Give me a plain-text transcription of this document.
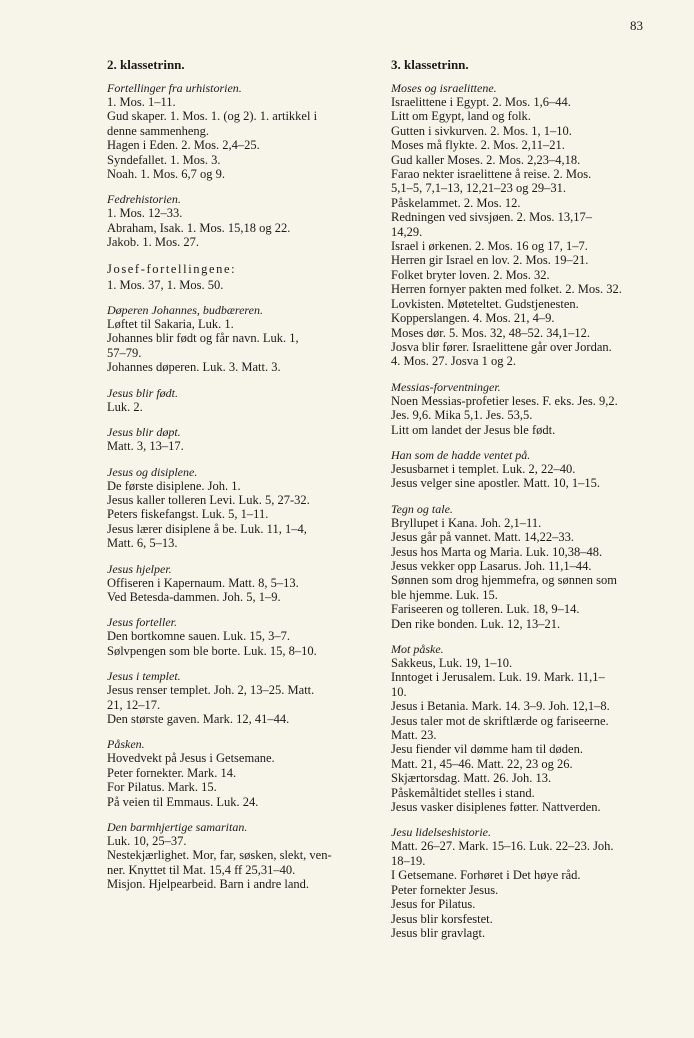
83
2. klassetrinn.
Fortellinger fra urhistorien.
1. Mos. 1–11.
Gud skaper. 1. Mos. 1. (og 2). 1. artikkel i
denne sammenheng.
Hagen i Eden. 2. Mos. 2,4–25.
Syndefallet. 1. Mos. 3.
Noah. 1. Mos. 6,7 og 9.
Fedrehistorien.
1. Mos. 12–33.
Abraham, Isak. 1. Mos. 15,18 og 22.
Jakob. 1. Mos. 27.
Josef-fortellingene:
1. Mos. 37, 1. Mos. 50.
Døperen Johannes, budbæreren.
Løftet til Sakaria, Luk. 1.
Johannes blir født og får navn. Luk. 1,
57–79.
Johannes døperen. Luk. 3. Matt. 3.
Jesus blir født.
Luk. 2.
Jesus blir døpt.
Matt. 3, 13–17.
Jesus og disiplene.
De første disiplene. Joh. 1.
Jesus kaller tolleren Levi. Luk. 5, 27-32.
Peters fiskefangst. Luk. 5, 1–11.
Jesus lærer disiplene å be. Luk. 11, 1–4,
Matt. 6, 5–13.
Jesus hjelper.
Offiseren i Kapernaum. Matt. 8, 5–13.
Ved Betesda-dammen. Joh. 5, 1–9.
Jesus forteller.
Den bortkomne sauen. Luk. 15, 3–7.
Sølvpengen som ble borte. Luk. 15, 8–10.
Jesus i templet.
Jesus renser templet. Joh. 2, 13–25. Matt.
21, 12–17.
Den største gaven. Mark. 12, 41–44.
Påsken.
Hovedvekt på Jesus i Getsemane.
Peter fornekter. Mark. 14.
For Pilatus. Mark. 15.
På veien til Emmaus. Luk. 24.
Den barmhjertige samaritan.
Luk. 10, 25–37.
Nestekjærlighet. Mor, far, søsken, slekt, ven-
ner. Knyttet til Mat. 15,4 ff 25,31–40.
Misjon. Hjelpearbeid. Barn i andre land.
3. klassetrinn.
Moses og israelittene.
Israelittene i Egypt. 2. Mos. 1,6–44.
Litt om Egypt, land og folk.
Gutten i sivkurven. 2. Mos. 1, 1–10.
Moses må flykte. 2. Mos. 2,11–21.
Gud kaller Moses. 2. Mos. 2,23–4,18.
Farao nekter israelittene å reise. 2. Mos.
5,1–5, 7,1–13, 12,21–23 og 29–31.
Påskelammet. 2. Mos. 12.
Redningen ved sivsjøen. 2. Mos. 13,17–
14,29.
Israel i ørkenen. 2. Mos. 16 og 17, 1–7.
Herren gir Israel en lov. 2. Mos. 19–21.
Folket bryter loven. 2. Mos. 32.
Herren fornyer pakten med folket. 2. Mos. 32.
Lovkisten. Møteteltet. Gudstjenesten.
Kopperslangen. 4. Mos. 21, 4–9.
Moses dør. 5. Mos. 32, 48–52. 34,1–12.
Josva blir fører. Israelittene går over Jordan.
4. Mos. 27. Josva 1 og 2.
Messias-forventninger.
Noen Messias-profetier leses. F. eks. Jes. 9,2.
Jes. 9,6. Mika 5,1. Jes. 53,5.
Litt om landet der Jesus ble født.
Han som de hadde ventet på.
Jesusbarnet i templet. Luk. 2, 22–40.
Jesus velger sine apostler. Matt. 10, 1–15.
Tegn og tale.
Bryllupet i Kana. Joh. 2,1–11.
Jesus går på vannet. Matt. 14,22–33.
Jesus hos Marta og Maria. Luk. 10,38–48.
Jesus vekker opp Lasarus. Joh. 11,1–44.
Sønnen som drog hjemmefra, og sønnen som
ble hjemme. Luk. 15.
Fariseeren og tolleren. Luk. 18, 9–14.
Den rike bonden. Luk. 12, 13–21.
Mot påske.
Sakkeus, Luk. 19, 1–10.
Inntoget i Jerusalem. Luk. 19. Mark. 11,1–
10.
Jesus i Betania. Mark. 14. 3–9. Joh. 12,1–8.
Jesus taler mot de skriftlærde og fariseerne.
Matt. 23.
Jesu fiender vil dømme ham til døden.
Matt. 21, 45–46. Matt. 22, 23 og 26.
Skjærtorsdag. Matt. 26. Joh. 13.
Påskemåltidet stelles i stand.
Jesus vasker disiplenes føtter. Nattverden.
Jesu lidelseshistorie.
Matt. 26–27. Mark. 15–16. Luk. 22–23. Joh.
18–19.
I Getsemane. Forhøret i Det høye råd.
Peter fornekter Jesus.
Jesus for Pilatus.
Jesus blir korsfestet.
Jesus blir gravlagt.
